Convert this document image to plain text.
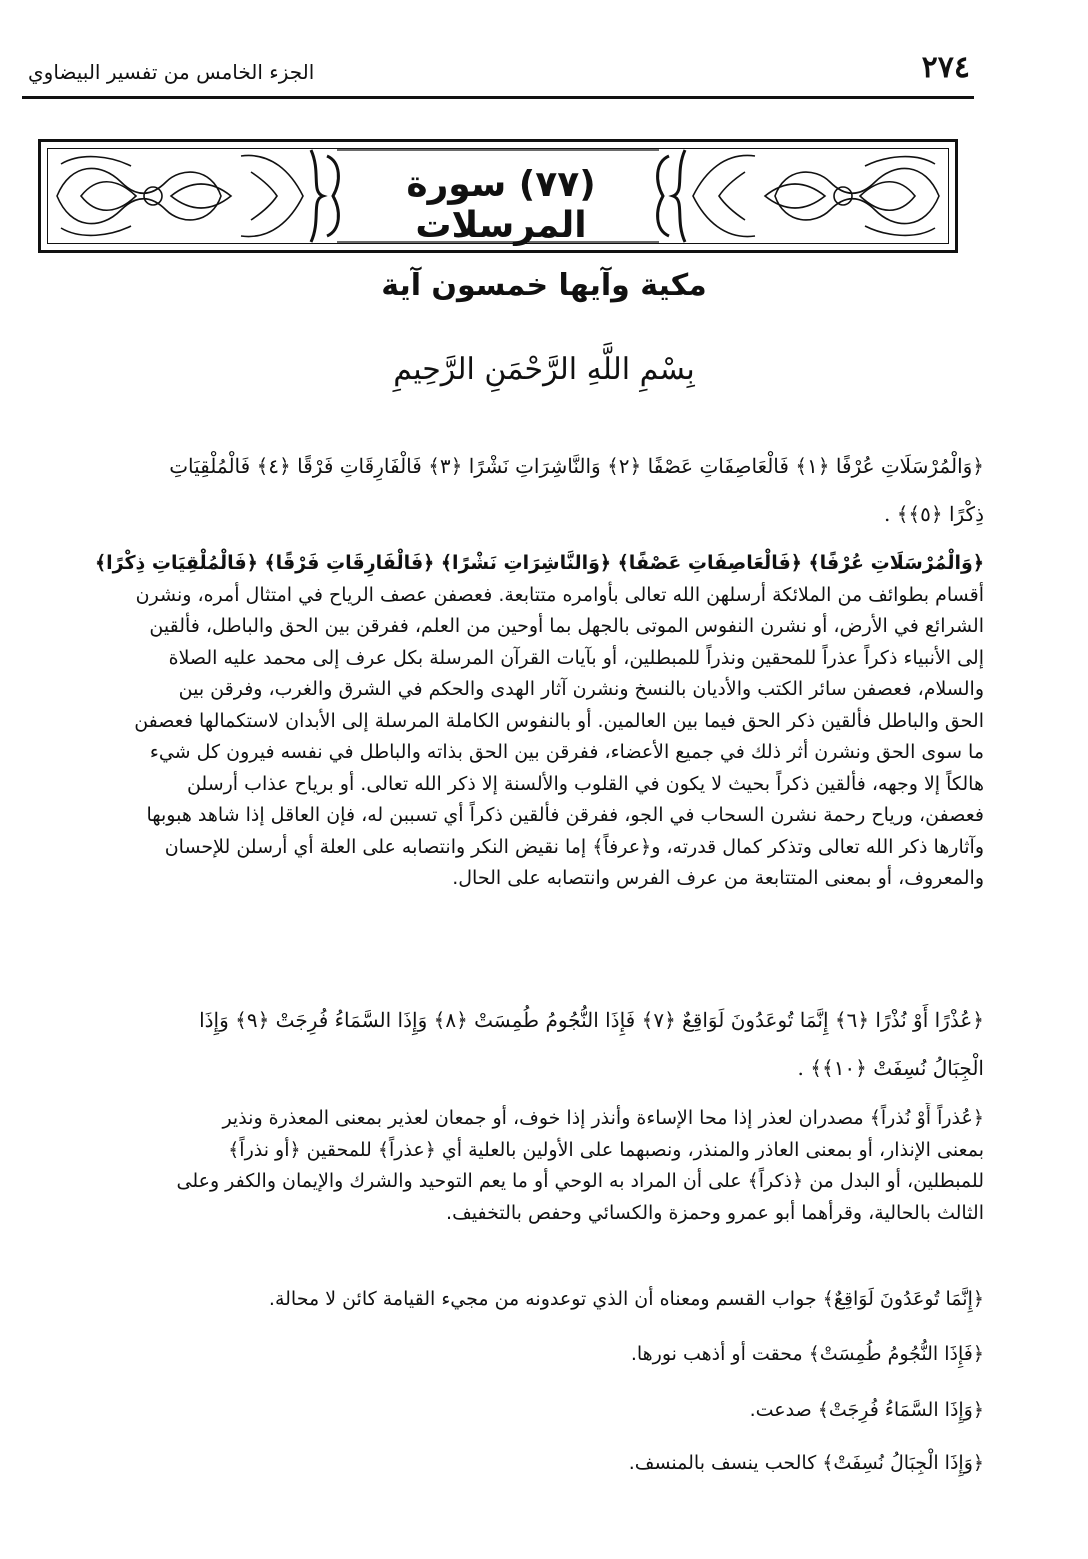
٢٧٤
الجزء الخامس من تفسير البيضاوي
(٧٧) سورة المرسلات
مكية وآيها خمسون آية
بِسْمِ اللَّهِ الرَّحْمَنِ الرَّحِيمِ
﴿وَالْمُرْسَلَاتِ عُرْفًا ﴿١﴾ فَالْعَاصِفَاتِ عَصْفًا ﴿٢﴾ وَالنَّاشِرَاتِ نَشْرًا ﴿٣﴾ فَالْفَارِقَاتِ فَرْقًا ﴿٤﴾ فَالْمُلْقِيَاتِ
ذِكْرًا ﴿٥﴾﴾ .
﴿وَالْمُرْسَلَاتِ عُرْفًا﴾ ﴿فَالْعَاصِفَاتِ عَصْفًا﴾ ﴿وَالنَّاشِرَاتِ نَشْرًا﴾ ﴿فَالْفَارِقَاتِ فَرْقًا﴾ ﴿فَالْمُلْقِيَاتِ ذِكْرًا﴾
أقسام بطوائف من الملائكة أرسلهن الله تعالى بأوامره متتابعة. فعصفن عصف الرياح في امتثال أمره، ونشرن
الشرائع في الأرض، أو نشرن النفوس الموتى بالجهل بما أوحين من العلم، ففرقن بين الحق والباطل، فألقين
إلى الأنبياء ذكراً عذراً للمحقين ونذراً للمبطلين، أو بآيات القرآن المرسلة بكل عرف إلى محمد عليه الصلاة
والسلام، فعصفن سائر الكتب والأديان بالنسخ ونشرن آثار الهدى والحكم في الشرق والغرب، وفرقن بين
الحق والباطل فألقين ذكر الحق فيما بين العالمين. أو بالنفوس الكاملة المرسلة إلى الأبدان لاستكمالها فعصفن
ما سوى الحق ونشرن أثر ذلك في جميع الأعضاء، ففرقن بين الحق بذاته والباطل في نفسه فيرون كل شيء
هالكاً إلا وجهه، فألقين ذكراً بحيث لا يكون في القلوب والألسنة إلا ذكر الله تعالى. أو برياح عذاب أرسلن
فعصفن، ورياح رحمة نشرن السحاب في الجو، ففرقن فألقين ذكراً أي تسببن له، فإن العاقل إذا شاهد هبوبها
وآثارها ذكر الله تعالى وتذكر كمال قدرته، و﴿عرفاً﴾ إما نقيض النكر وانتصابه على العلة أي أرسلن للإحسان
والمعروف، أو بمعنى المتتابعة من عرف الفرس وانتصابه على الحال.
﴿عُذْرًا أَوْ نُذْرًا ﴿٦﴾ إِنَّمَا تُوعَدُونَ لَوَاقِعٌ ﴿٧﴾ فَإِذَا النُّجُومُ طُمِسَتْ ﴿٨﴾ وَإِذَا السَّمَاءُ فُرِجَتْ ﴿٩﴾ وَإِذَا
الْجِبَالُ نُسِفَتْ ﴿١٠﴾﴾ .
﴿عُذراً أَوْ نُذراً﴾ مصدران لعذر إذا محا الإساءة وأنذر إذا خوف، أو جمعان لعذير بمعنى المعذرة ونذير
بمعنى الإنذار، أو بمعنى العاذر والمنذر، ونصبهما على الأولين بالعلية أي ﴿عذراً﴾ للمحقين ﴿أو نذراً﴾
للمبطلين، أو البدل من ﴿ذكراً﴾ على أن المراد به الوحي أو ما يعم التوحيد والشرك والإيمان والكفر وعلى
الثالث بالحالية، وقرأهما أبو عمرو وحمزة والكسائي وحفص بالتخفيف.
﴿إِنَّمَا تُوعَدُونَ لَوَاقِعٌ﴾ جواب القسم ومعناه أن الذي توعدونه من مجيء القيامة كائن لا محالة.
﴿فَإِذَا النُّجُومُ طُمِسَتْ﴾ محقت أو أذهب نورها.
﴿وَإِذَا السَّمَاءُ فُرِجَتْ﴾ صدعت.
﴿وَإِذَا الْجِبَالُ نُسِفَتْ﴾ كالحب ينسف بالمنسف.
